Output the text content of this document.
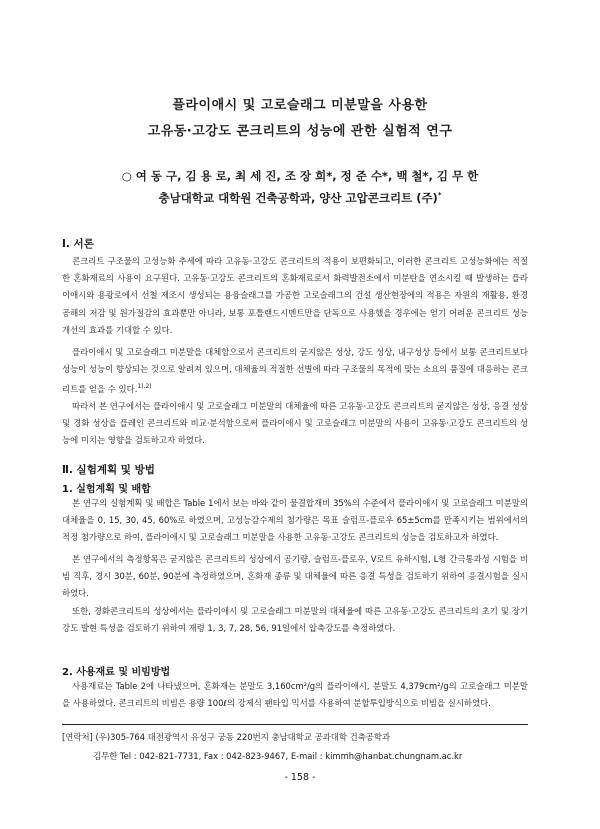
플라이애시 및 고로슬래그 미분말을 사용한
고유동·고강도 콘크리트의 성능에 관한 실험적 연구
○ 여 동 구, 김 용 로, 최 세 진, 조 장 희*, 정 준 수*, 백 철*, 김 무 한
충남대학교 대학원 건축공학과, 양산 고압콘크리트 (주)*
Ⅰ. 서론

콘크리트 구조물의 고성능화 추세에 따라 고유동·고강도 콘크리트의 적용이 보편화되고, 이러한 콘크리트 고성능화에는 적절한 혼화재료의 사용이 요구된다. 고유동·고강도 콘크리트의 혼화재료로서 화력발전소에서 미분탄을 연소시킬 때 발생하는 플라이애시와 용광로에서 선철 제조시 생성되는 용융슬래그를 가공한 고로슬래그의 건설 생산현장에의 적용은 자원의 재활용, 환경공해의 저감 및 원가절감의 효과뿐만 아니라, 보통 포틀랜드시멘트만을 단독으로 사용했을 경우에는 얻기 어려운 콘크리트 성능 개선의 효과를 기대할 수 있다.

플라이애시 및 고로슬래그 미분말을 대체함으로서 콘크리트의 굳지않은 성상, 강도 성상, 내구성상 등에서 보통 콘크리트보다 성능이 성능이 향상되는 것으로 알려져 있으며, 대체율의 적절한 선별에 따라 구조물의 목적에 맞는 소요의 품질에 대응하는 콘크리트를 얻을 수 있다.$^{1),2)}$

따라서 본 연구에서는 플라이애시 및 고로슬래그 미분말의 대체율에 따른 고유동·고강도 콘크리트의 굳지않은 성상, 응결 성상 및 경화 성상을 플레인 콘크리트와 비교·분석함으로써 플라이애시 및 고로슬래그 미분말의 사용이 고유동·고강도 콘크리트의 성능에 미치는 영향을 검토하고자 하였다.

Ⅱ. 실험계획 및 방법
1. 실험계획 및 배합

본 연구의 실험계획 및 배합은 Table 1에서 보는 바와 같이 물결합재비 35%의 수준에서 플라이애시 및 고로슬래그 미분말의 대체율을 0, 15, 30, 45, 60%로 하였으며, 고성능감수제의 첨가량은 목표 슬럼프-플로우 65±5cm를 만족시키는 범위에서의 적정 첨가량으로 하여, 플라이애시 및 고로슬래그 미분말을 사용한 고유동·고강도 콘크리트의 성능을 검토하고자 하였다.

본 연구에서의 측정항목은 굳지않은 콘크리트의 성상에서 공기량, 슬럼프-플로우, V로트 유하시험, L형 간극통과성 시험을 비빔 직후, 경시 30분, 60분, 90분에 측정하였으며, 혼화재 종류 및 대체율에 따른 응결 특성을 검토하기 위하여 응결시험을 실시하였다.

또한, 경화콘크리트의 성상에서는 플라이애시 및 고로슬래그 미분말의 대체율에 따른 고유동·고강도 콘크리트의 초기 및 장기강도 발현 특성을 검토하기 위하여 재령 1, 3, 7, 28, 56, 91일에서 압축강도를 측정하였다.

2. 사용재료 및 비빔방법

사용재료는 Table 2에 나타냈으며, 혼화재는 분말도 3,160cm²/g의 플라이애시, 분말도 4,379cm²/g의 고로슬래그 미분말을 사용하였다. 콘크리트의 비빔은 용량 100ℓ의 강제식 팬타입 믹서를 사용하여 분할투입방식으로 비빔을 실시하였다.

[연락처] (우)305-764 대전광역시 유성구 궁동 220번지 충남대학교 공과대학 건축공학과
김무한 Tel : 042-821-7731, Fax : 042-823-9467, E-mail : kimmh@hanbat.chungnam.ac.kr
- 158 -
